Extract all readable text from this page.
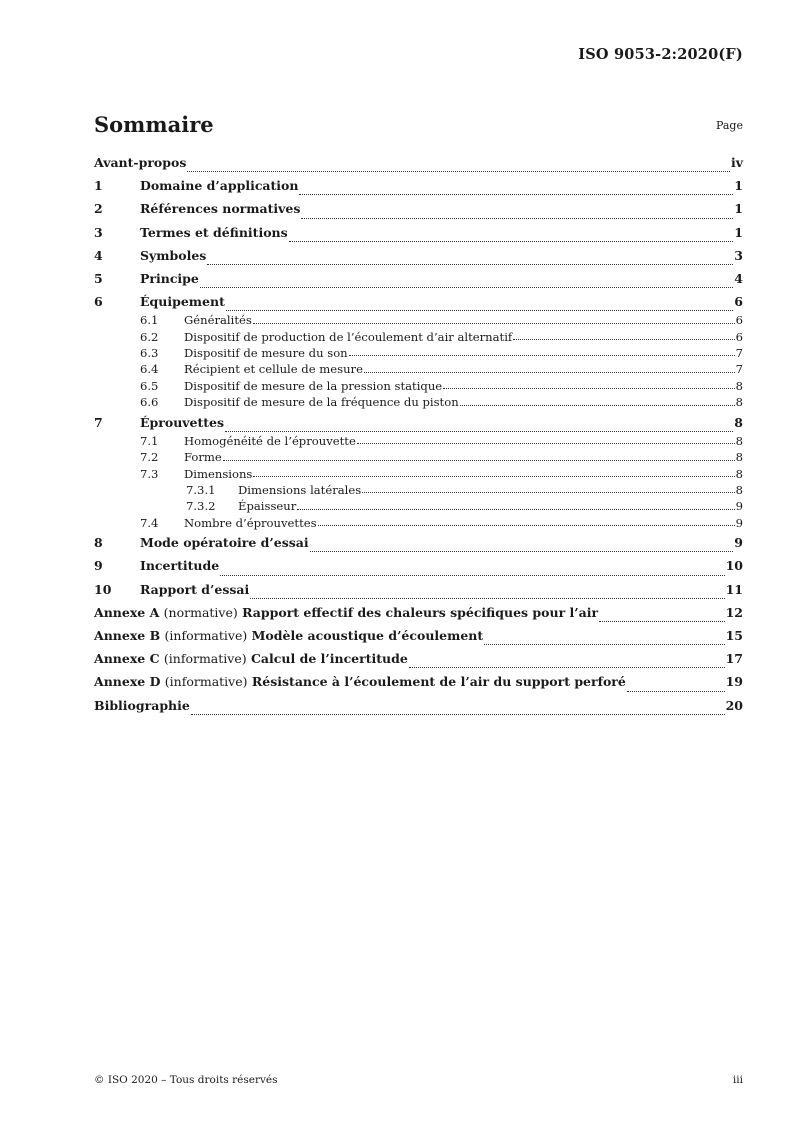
ISO 9053-2:2020(F)
Sommaire	Page
Avant-propos	iv
1	Domaine d’application	1
2	Références normatives	1
3	Termes et définitions	1
4	Symboles	3
5	Principe	4
6	Équipement	6
6.1	Généralités	6
6.2	Dispositif de production de l’écoulement d’air alternatif	6
6.3	Dispositif de mesure du son	7
6.4	Récipient et cellule de mesure	7
6.5	Dispositif de mesure de la pression statique	8
6.6	Dispositif de mesure de la fréquence du piston	8
7	Éprouvettes	8
7.1	Homogénéité de l’éprouvette	8
7.2	Forme	8
7.3	Dimensions	8
7.3.1	Dimensions latérales	8
7.3.2	Épaisseur	9
7.4	Nombre d’éprouvettes	9
8	Mode opératoire d’essai	9
9	Incertitude	10
10	Rapport d’essai	11
Annexe A (normative) Rapport effectif des chaleurs spécifiques pour l’air	12
Annexe B (informative) Modèle acoustique d’écoulement	15
Annexe C (informative) Calcul de l’incertitude	17
Annexe D (informative) Résistance à l’écoulement de l’air du support perforé	19
Bibliographie	20
© ISO 2020 – Tous droits réservés	iii
